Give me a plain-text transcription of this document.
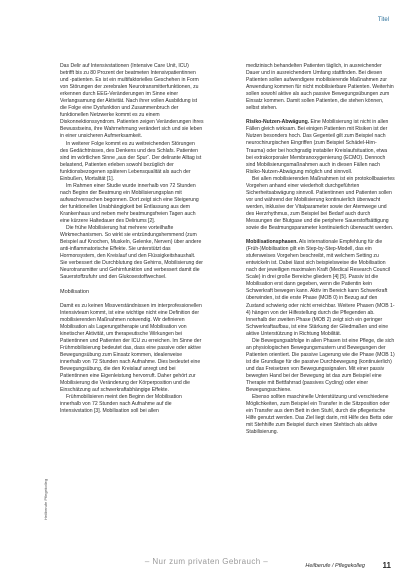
Titel

Das Delir auf Intensivstationen (Intensive Care Unit, ICU) betrifft bis zu 80 Prozent der beatmeten Intensivpatientinnen und -patienten. Es ist ein multifaktorielles Geschehen in Form von Störungen der zerebralen Neurotransmitterfunktionen, zu erkennen durch EEG-Veränderungen im Sinne einer Verlangsamung der Aktivität. Nach ihrer vollen Ausbildung ist die Folge eine Dysfunktion und Zusammenbruch der funktionellen Netzwerke kommt es zu einem Diskonnektionssyndrom. Patienten zeigen Veränderungen ihres Bewusstseins, ihre Wahrnehmung verändert sich und sie leben in einer unsicheren Aufmerksamkeit.

In weiterer Folge kommt es zu weitreichenden Störungen des Gedächtnisses, des Denkens und des Schlafs. Patienten sind im wörtlichen Sinne „aus der Spur“. Der delirante Alltag ist belastend, Patienten erleben sowohl bezüglich der funktionsbezogenen späteren Lebensqualität als auch der Einbußen, Mortalität [1].

Im Rahmen einer Studie wurde innerhalb von 72 Stunden nach Beginn der Beatmung ein Mobilisierungsplan mit aufwachversuchen begonnen. Dort zeigt sich eine Steigerung der funktionellen Unabhängigkeit bei Entlassung aus dem Krankenhaus und neben mehr beatmungsfreien Tagen auch eine kürzere Haltedauer des Deliriums [2].

Die frühe Mobilisierung hat mehrere vorteilhafte Wirkmechanismen. So wirkt sie entzündungshemmend (zum Beispiel auf Knochen, Muskeln, Gelenke, Nerven) über andere anti-inflammatorische Effekte. Sie unterstützt das Hormonsystem, den Kreislauf und den Flüssigkeitshaushalt. Sie verbessert die Durchblutung des Gehirns, Mobilisierung der Neurotransmitter und Gehirnfunktion und verbessert damit die Sauerstoffzufuhr und den Glukosestoffwechsel.

Mobilisation

Damit es zu keinen Missverständnissen im interprofessionellen Intensivteam kommt, ist eine wichtige nicht eine Definition der mobilisierenden Maßnahmen notwendig. Wir definieren Mobilisation als Lagerungstherapie und Mobilisation von kinetischer Aktivität, um therapeutische Wirkungen bei Patientinnen und Patienten der ICU zu erreichen. Im Sinne der Frühmobilisierung bedeutet das, dass eine passive oder aktive Bewegungsübung zum Einsatz kommen, idealerweise innerhalb von 72 Stunden nach Aufnahme. Dies bedeutet eine Bewegungsübung, die den Kreislauf anregt und bei Patientinnen eine Eigenleistung hervorruft. Daher gehört zur Mobilisierung die Veränderung der Körperposition und die Einschätzung auf schwerkraftabhängige Effekte.

Frühmobilisieren meint den Beginn der Mobilisation innerhalb von 72 Stunden nach Aufnahme auf die Intensivstation [3]. Mobilisation soll bei allen

medizinisch behandelten Patienten täglich, in ausreichender Dauer und in ausreichendem Umfang stattfinden. Bei diesen Patienten sollen aufwendigere mobilisierende Maßnahmen zur Anwendung kommen für nicht mobilisierbare Patienten. Weiterhin sollen sowohl aktive als auch passive Bewegungsübungen zum Einsatz kommen. Damit sollen Patienten, die stehen können, selbst stehen.

Risiko-Nutzen-Abwägung. Eine Mobilisierung ist nicht in allen Fällen gleich wirksam. Bei einigen Patienten mit Risiken ist der Nutzen besonders hoch. Das Gegenteil gilt zum Beispiel nach neurochirurgischen Eingriffen (zum Beispiel Schädel-Hirn-Trauma) oder bei hochgradig instabiler Kreislaufsituation, etwa bei extrakorporaler Membranoxygenierung (ECMO). Dennoch sind Mobilisierungsmaßnahmen auch in diesen Fällen nach Risiko-Nutzen-Abwägung möglich und sinnvoll.

Bei allen mobilisierenden Maßnahmen ist ein protokollbasiertes Vorgehen anhand einer wiederholt durchgeführten Sicherheitsabwägung sinnvoll. Patientinnen und Patienten sollen vor und während der Mobilisierung kontinuierlich überwacht werden, inklusive der Vitalparameter sowie der Atemwege und des Herzrhythmus, zum Beispiel bei Bedarf auch durch Messungen der Blutgase und die periphere Sauerstoffsättigung sowie die Beatmungsparameter kontinuierlich überwacht werden.

Mobilisationsphasen. Als internationale Empfehlung für die (Früh-)Mobilisation gilt ein Step-by-Step-Modell, das ein stufenweises Vorgehen beschreibt, mit welchem Setting zu entwickeln ist. Dabei lässt sich beispielsweise die Mobilisation nach der jeweiligen maximalen Kraft (Medical Research Council Scale) in drei große Bereiche gliedern [4] [5]. Passiv ist die Mobilisation erst dann gegeben, wenn die Patientin kein Schwerkraft bewegen kann. Aktiv im Bereich kann Schwerkraft überwinden, ist die erste Phase (MOB 0) in Bezug auf den Zustand schwierig oder nicht erreichbar. Weitere Phasen (MOB 1-4) hängen von der Hilfestellung durch die Pflegenden ab. Innerhalb der zweiten Phase (MOB 2) zeigt sich ein geringer Schwerkraftaufbau, ist eine Stärkung der Gliedmaßen und eine aktive Unterstützung in Richtung Mobilität.

Die Bewegungsabfolge in allen Phasen ist eine Pflege, die sich an physiologischen Bewegungsmustern und Bewegungen der Patienten orientiert. Die passive Lagerung wie die Phase (MOB 1) ist die Grundlage für die passive Durchbewegung (kontinuierlich) und das Freisetzen von Bewegungssignalen. Mit einer passiv bewegten Hand bei der Bewegung ist das zum Beispiel eine Therapie mit Bettfahrrad (passives Cycling) oder einer Bewegungsschiene.

Ebenso sollten maschinelle Unterstützung und verschiedene Möglichkeiten, zum Beispiel ein Transfer in die Sitzposition oder ein Transfer aus dem Bett in den Stuhl, durch die pflegerische Hilfe genutzt werden. Das Ziel liegt darin, mit Hilfe des Betts oder mit Stehhilfe zum Beispiel durch einen Stehtisch als aktive Stabilisierung.

Heilberufe Pflegekolleg
– Nur zum privaten Gebrauch –	Heilberufe / Pflegekolleg 11
